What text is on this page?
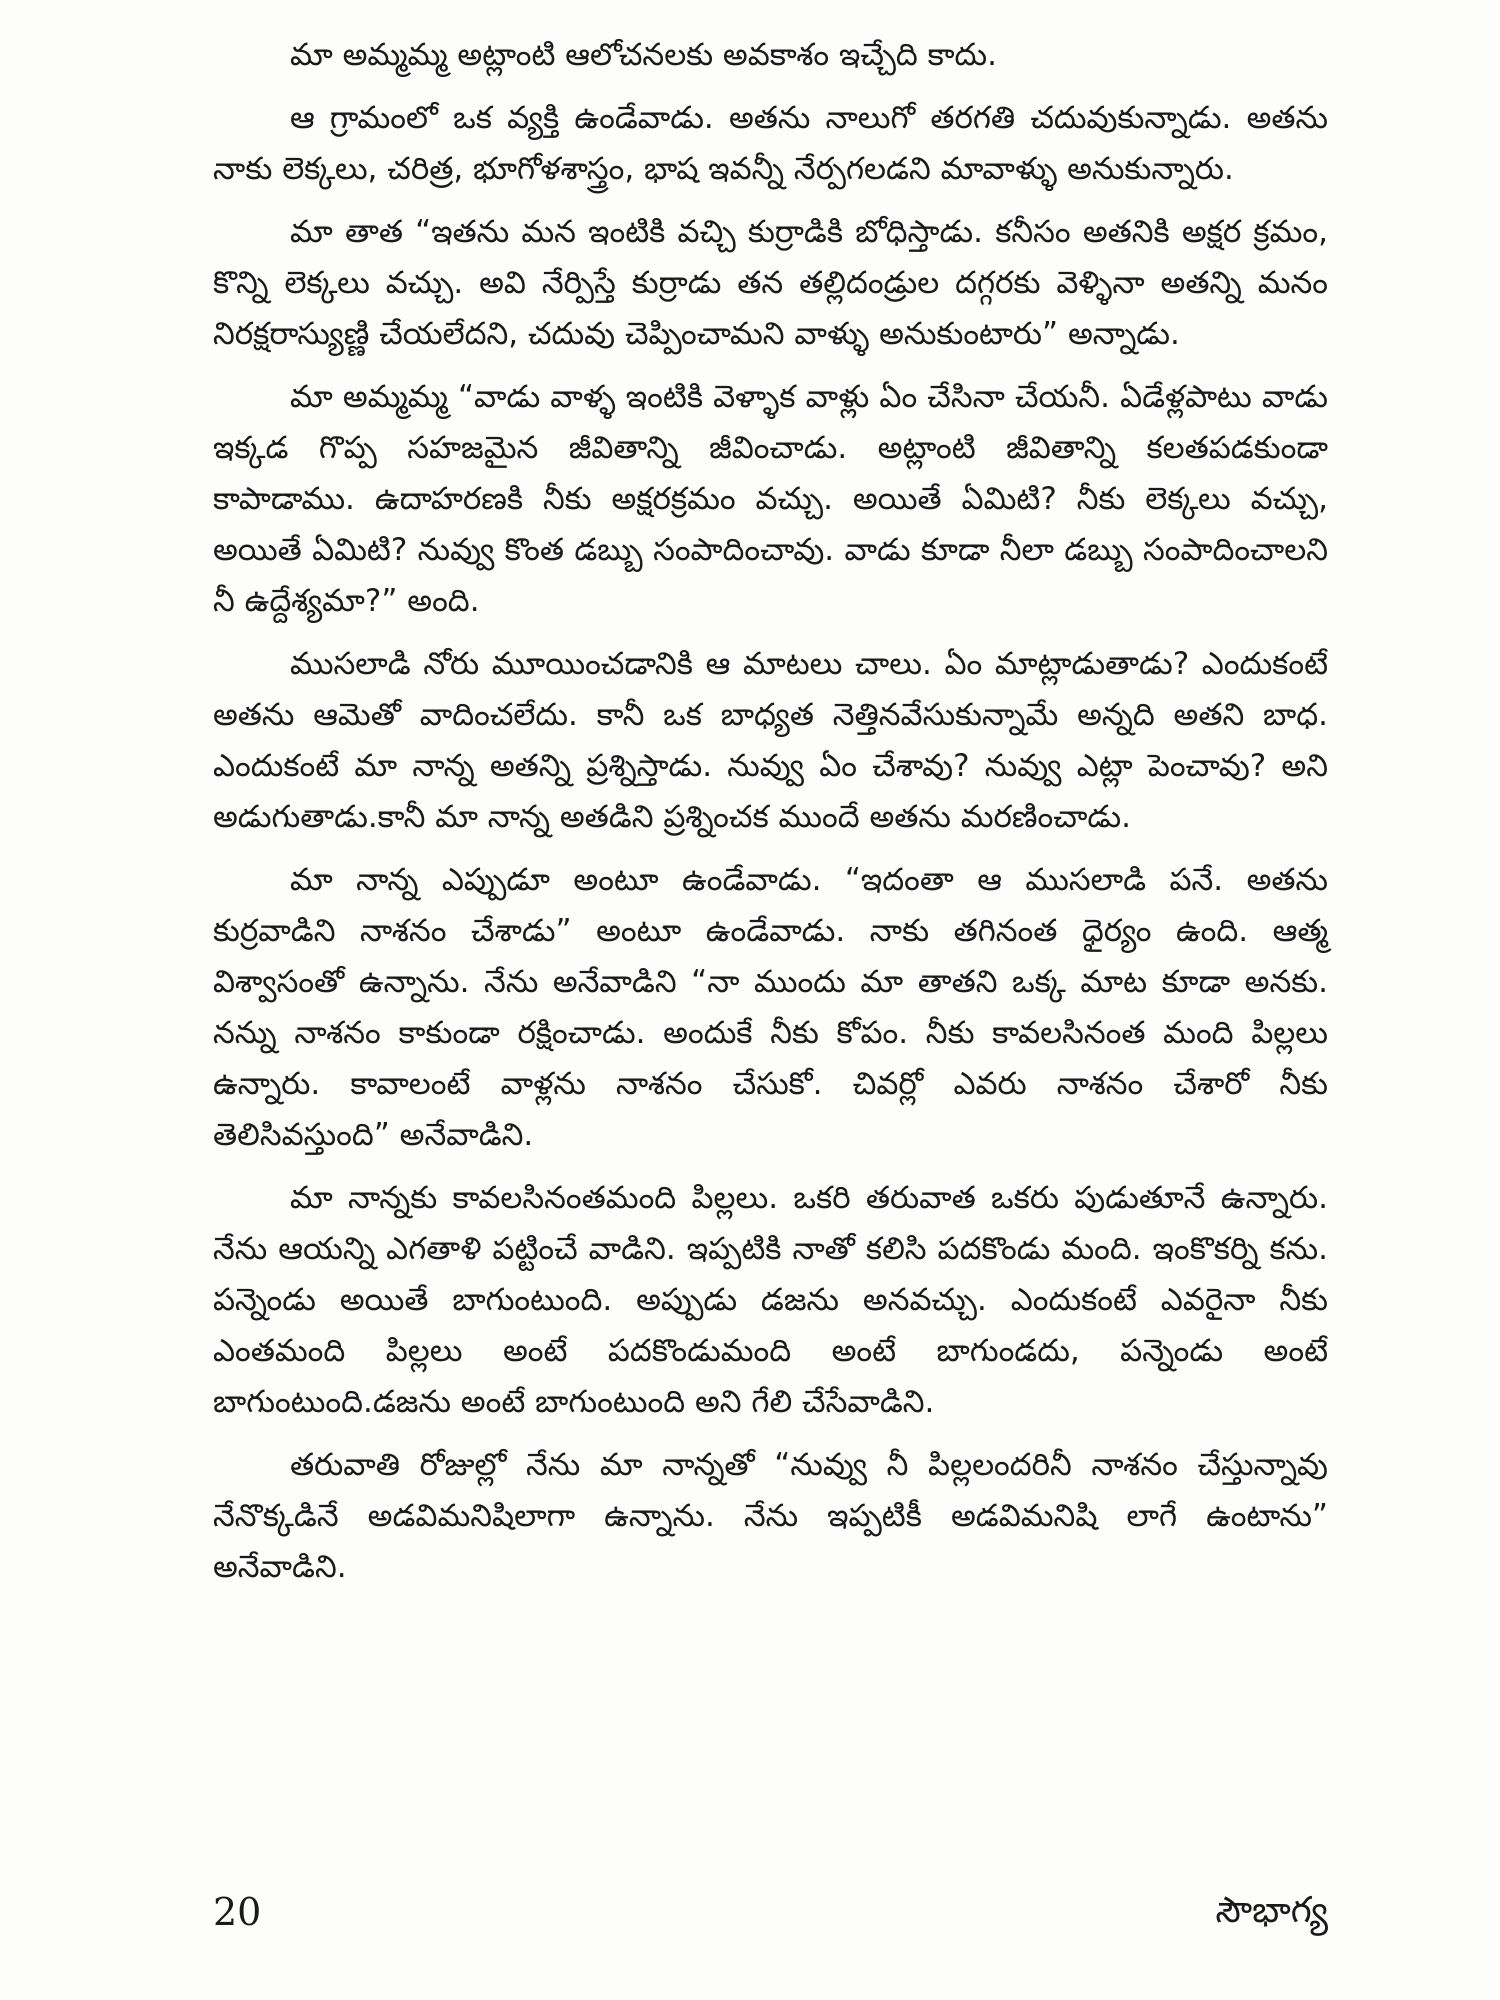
మా అమ్మమ్మ అట్లాంటి ఆలోచనలకు అవకాశం ఇచ్చేది కాదు.

ఆ గ్రామంలో ఒక వ్యక్తి ఉండేవాడు. అతను నాలుగో తరగతి చదువుకున్నాడు. అతను నాకు లెక్కలు, చరిత్ర, భూగోళశాస్త్రం, భాష ఇవన్నీ నేర్పగలడని మావాళ్ళు అనుకున్నారు.

మా తాత “ఇతను మన ఇంటికి వచ్చి కుర్రాడికి బోధిస్తాడు. కనీసం అతనికి అక్షర క్రమం, కొన్ని లెక్కలు వచ్చు. అవి నేర్పిస్తే కుర్రాడు తన తల్లిదండ్రుల దగ్గరకు వెళ్ళినా అతన్ని మనం నిరక్షరాస్యుణ్ణి చేయలేదని, చదువు చెప్పించామని వాళ్ళు అనుకుంటారు” అన్నాడు.

మా అమ్మమ్మ “వాడు వాళ్ళ ఇంటికి వెళ్ళాక వాళ్లు ఏం చేసినా చేయనీ. ఏడేళ్లపాటు వాడు ఇక్కడ గొప్ప సహజమైన జీవితాన్ని జీవించాడు. అట్లాంటి జీవితాన్ని కలతపడకుండా కాపాడాము. ఉదాహరణకి నీకు అక్షరక్రమం వచ్చు. అయితే ఏమిటి? నీకు లెక్కలు వచ్చు, అయితే ఏమిటి? నువ్వు కొంత డబ్బు సంపాదించావు. వాడు కూడా నీలా డబ్బు సంపాదించాలని నీ ఉద్దేశ్యమా?” అంది.

ముసలాడి నోరు మూయించడానికి ఆ మాటలు చాలు. ఏం మాట్లాడుతాడు? ఎందుకంటే అతను ఆమెతో వాదించలేదు. కానీ ఒక బాధ్యత నెత్తినవేసుకున్నామే అన్నది అతని బాధ. ఎందుకంటే మా నాన్న అతన్ని ప్రశ్నిస్తాడు. నువ్వు ఏం చేశావు? నువ్వు ఎట్లా పెంచావు? అని అడుగుతాడు.కానీ మా నాన్న అతడిని ప్రశ్నించక ముందే అతను మరణించాడు.

మా నాన్న ఎప్పుడూ అంటూ ఉండేవాడు. “ఇదంతా ఆ ముసలాడి పనే. అతను కుర్రవాడిని నాశనం చేశాడు” అంటూ ఉండేవాడు. నాకు తగినంత ధైర్యం ఉంది. ఆత్మ విశ్వాసంతో ఉన్నాను. నేను అనేవాడిని “నా ముందు మా తాతని ఒక్క మాట కూడా అనకు. నన్ను నాశనం కాకుండా రక్షించాడు. అందుకే నీకు కోపం. నీకు కావలసినంత మంది పిల్లలు ఉన్నారు. కావాలంటే వాళ్లను నాశనం చేసుకో. చివర్లో ఎవరు నాశనం చేశారో నీకు తెలిసివస్తుంది” అనేవాడిని.

మా నాన్నకు కావలసినంతమంది పిల్లలు. ఒకరి తరువాత ఒకరు పుడుతూనే ఉన్నారు. నేను ఆయన్ని ఎగతాళి పట్టించే వాడిని. ఇప్పటికి నాతో కలిసి పదకొండు మంది. ఇంకొకర్ని కను. పన్నెండు అయితే బాగుంటుంది. అప్పుడు డజను అనవచ్చు. ఎందుకంటే ఎవరైనా నీకు ఎంతమంది పిల్లలు అంటే పదకొండుమంది అంటే బాగుండదు, పన్నెండు అంటే బాగుంటుంది.డజను అంటే బాగుంటుంది అని గేలి చేసేవాడిని.

తరువాతి రోజుల్లో నేను మా నాన్నతో “నువ్వు నీ పిల్లలందరినీ నాశనం చేస్తున్నావు నేనొక్కడినే అడవిమనిషిలాగా ఉన్నాను. నేను ఇప్పటికీ అడవిమనిషి లాగే ఉంటాను” అనేవాడిని.

20	సౌభాగ్య
